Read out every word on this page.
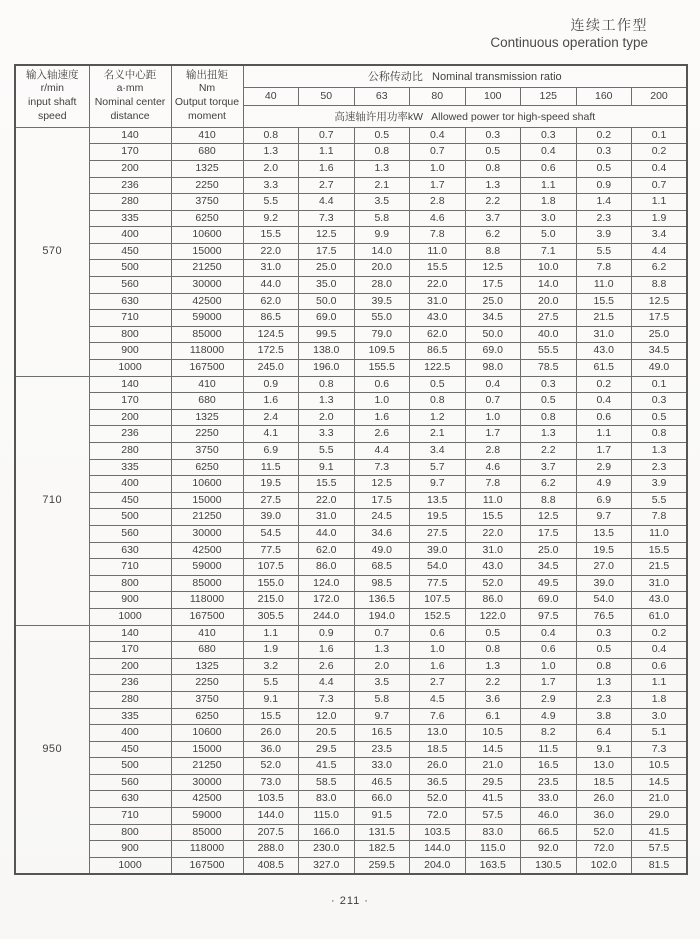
连续工作型
Continuous operation type
输入轴速度
r/min
input shaft
speed

名义中心距
a·mm
Nominal center
distance

输出扭矩
Nm
Output torque
moment
	公称传动比   Nominal transmission ratio
			40	50	63	80	100	125	160	200
			高速轴许用功率kW   Allowed power tor high-speed shaft							
570	140	410	0.8	0.7	0.5	0.4	0.3	0.3	0.2	0.1
	170	680	1.3	1.1	0.8	0.7	0.5	0.4	0.3	0.2
	200	1325	2.0	1.6	1.3	1.0	0.8	0.6	0.5	0.4
	236	2250	3.3	2.7	2.1	1.7	1.3	1.1	0.9	0.7
	280	3750	5.5	4.4	3.5	2.8	2.2	1.8	1.4	1.1
	335	6250	9.2	7.3	5.8	4.6	3.7	3.0	2.3	1.9
	400	10600	15.5	12.5	9.9	7.8	6.2	5.0	3.9	3.4
	450	15000	22.0	17.5	14.0	11.0	8.8	7.1	5.5	4.4
	500	21250	31.0	25.0	20.0	15.5	12.5	10.0	7.8	6.2
	560	30000	44.0	35.0	28.0	22.0	17.5	14.0	11.0	8.8
	630	42500	62.0	50.0	39.5	31.0	25.0	20.0	15.5	12.5
	710	59000	86.5	69.0	55.0	43.0	34.5	27.5	21.5	17.5
	800	85000	124.5	99.5	79.0	62.0	50.0	40.0	31.0	25.0
	900	118000	172.5	138.0	109.5	86.5	69.0	55.5	43.0	34.5
	1000	167500	245.0	196.0	155.5	122.5	98.0	78.5	61.5	49.0
710	140	410	0.9	0.8	0.6	0.5	0.4	0.3	0.2	0.1
	170	680	1.6	1.3	1.0	0.8	0.7	0.5	0.4	0.3
	200	1325	2.4	2.0	1.6	1.2	1.0	0.8	0.6	0.5
	236	2250	4.1	3.3	2.6	2.1	1.7	1.3	1.1	0.8
	280	3750	6.9	5.5	4.4	3.4	2.8	2.2	1.7	1.3
	335	6250	11.5	9.1	7.3	5.7	4.6	3.7	2.9	2.3
	400	10600	19.5	15.5	12.5	9.7	7.8	6.2	4.9	3.9
	450	15000	27.5	22.0	17.5	13.5	11.0	8.8	6.9	5.5
	500	21250	39.0	31.0	24.5	19.5	15.5	12.5	9.7	7.8
	560	30000	54.5	44.0	34.6	27.5	22.0	17.5	13.5	11.0
	630	42500	77.5	62.0	49.0	39.0	31.0	25.0	19.5	15.5
	710	59000	107.5	86.0	68.5	54.0	43.0	34.5	27.0	21.5
	800	85000	155.0	124.0	98.5	77.5	52.0	49.5	39.0	31.0
	900	118000	215.0	172.0	136.5	107.5	86.0	69.0	54.0	43.0
	1000	167500	305.5	244.0	194.0	152.5	122.0	97.5	76.5	61.0
950	140	410	1.1	0.9	0.7	0.6	0.5	0.4	0.3	0.2
	170	680	1.9	1.6	1.3	1.0	0.8	0.6	0.5	0.4
	200	1325	3.2	2.6	2.0	1.6	1.3	1.0	0.8	0.6
	236	2250	5.5	4.4	3.5	2.7	2.2	1.7	1.3	1.1
	280	3750	9.1	7.3	5.8	4.5	3.6	2.9	2.3	1.8
	335	6250	15.5	12.0	9.7	7.6	6.1	4.9	3.8	3.0
	400	10600	26.0	20.5	16.5	13.0	10.5	8.2	6.4	5.1
	450	15000	36.0	29.5	23.5	18.5	14.5	11.5	9.1	7.3
	500	21250	52.0	41.5	33.0	26.0	21.0	16.5	13.0	10.5
	560	30000	73.0	58.5	46.5	36.5	29.5	23.5	18.5	14.5
	630	42500	103.5	83.0	66.0	52.0	41.5	33.0	26.0	21.0
	710	59000	144.0	115.0	91.5	72.0	57.5	46.0	36.0	29.0
	800	85000	207.5	166.0	131.5	103.5	83.0	66.5	52.0	41.5
	900	118000	288.0	230.0	182.5	144.0	115.0	92.0	72.0	57.5
	1000	167500	408.5	327.0	259.5	204.0	163.5	130.5	102.0	81.5
· 211 ·
